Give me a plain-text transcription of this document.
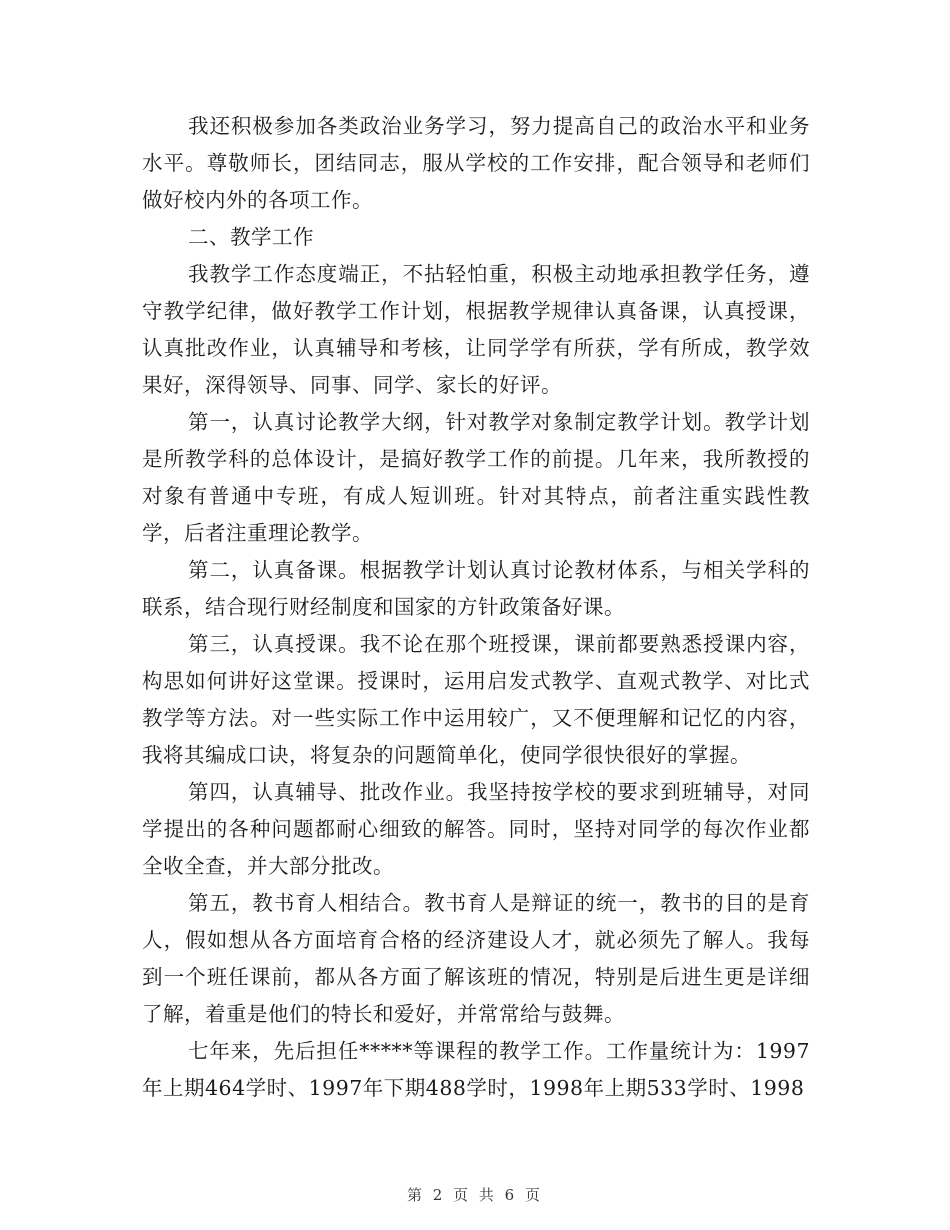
我还积极参加各类政治业务学习，努力提高自己的政治水平和业务水平。尊敬师长，团结同志，服从学校的工作安排，配合领导和老师们做好校内外的各项工作。

二、教学工作

我教学工作态度端正，不拈轻怕重，积极主动地承担教学任务，遵守教学纪律，做好教学工作计划，根据教学规律认真备课，认真授课，认真批改作业，认真辅导和考核，让同学学有所获，学有所成，教学效果好，深得领导、同事、同学、家长的好评。

第一，认真讨论教学大纲，针对教学对象制定教学计划。教学计划是所教学科的总体设计，是搞好教学工作的前提。几年来，我所教授的对象有普通中专班，有成人短训班。针对其特点，前者注重实践性教学，后者注重理论教学。

第二，认真备课。根据教学计划认真讨论教材体系，与相关学科的联系，结合现行财经制度和国家的方针政策备好课。

第三，认真授课。我不论在那个班授课，课前都要熟悉授课内容，构思如何讲好这堂课。授课时，运用启发式教学、直观式教学、对比式教学等方法。对一些实际工作中运用较广，又不便理解和记忆的内容，我将其编成口诀，将复杂的问题简单化，使同学很快很好的掌握。

第四，认真辅导、批改作业。我坚持按学校的要求到班辅导，对同学提出的各种问题都耐心细致的解答。同时，坚持对同学的每次作业都全收全查，并大部分批改。

第五，教书育人相结合。教书育人是辩证的统一，教书的目的是育人，假如想从各方面培育合格的经济建设人才，就必须先了解人。我每到一个班任课前，都从各方面了解该班的情况，特别是后进生更是详细了解，着重是他们的特长和爱好，并常常给与鼓舞。

七年来，先后担任*****等课程的教学工作。工作量统计为：1997年上期464学时、1997年下期488学时，1998年上期533学时、1998

第 2 页 共 6 页
